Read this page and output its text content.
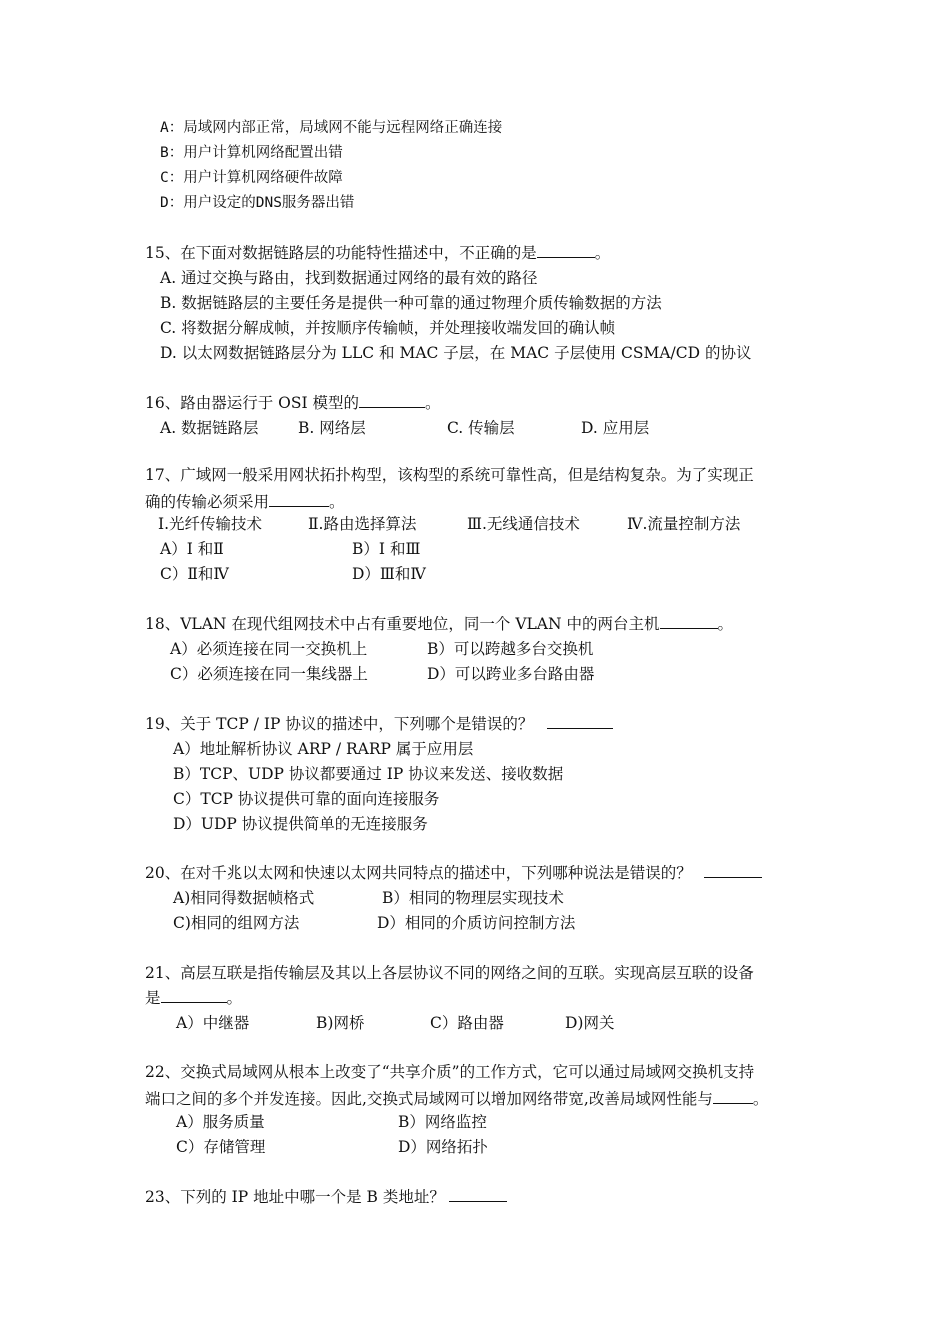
A：局域网内部正常，局域网不能与远程网络正确连接
B：用户计算机网络配置出错
C：用户计算机网络硬件故障
D：用户设定的DNS服务器出错
15、在下面对数据链路层的功能特性描述中，不正确的是	。
A. 通过交换与路由，找到数据通过网络的最有效的路径
B. 数据链路层的主要任务是提供一种可靠的通过物理介质传输数据的方法
C. 将数据分解成帧，并按顺序传输帧，并处理接收端发回的确认帧
D. 以太网数据链路层分为 LLC 和 MAC 子层，在 MAC 子层使用 CSMA/CD 的协议
16、路由器运行于 OSI 模型的	。
A. 数据链路层	B. 网络层	C. 传输层	D. 应用层
17、广域网一般采用网状拓扑构型，该构型的系统可靠性高，但是结构复杂。为了实现正
确的传输必须采用	。
I.光纤传输技术	Ⅱ.路由选择算法	Ⅲ.无线通信技术	Ⅳ.流量控制方法
A）I 和Ⅱ	B）I 和Ⅲ
C）Ⅱ和Ⅳ	D）Ⅲ和Ⅳ
18、VLAN 在现代组网技术中占有重要地位，同一个 VLAN 中的两台主机	。
A）必须连接在同一交换机上	B）可以跨越多台交换机
C）必须连接在同一集线器上	D）可以跨业多台路由器
19、关于 TCP / IP 协议的描述中，下列哪个是错误的？
A）地址解析协议 ARP / RARP 属于应用层
B）TCP、UDP 协议都要通过 IP 协议来发送、接收数据
C）TCP 协议提供可靠的面向连接服务
D）UDP 协议提供简单的无连接服务
20、在对千兆以太网和快速以太网共同特点的描述中，下列哪种说法是错误的？
A)相同得数据帧格式	B）相同的物理层实现技术
C)相同的组网方法	D）相同的介质访问控制方法
21、高层互联是指传输层及其以上各层协议不同的网络之间的互联。实现高层互联的设备
是	。
A）中继器	B)网桥	C）路由器	D)网关
22、交换式局域网从根本上改变了“共享介质”的工作方式，它可以通过局域网交换机支持
端口之间的多个并发连接。因此,交换式局域网可以增加网络带宽,改善局域网性能与	。
A）服务质量	B）网络监控
C）存储管理	D）网络拓扑
23、下列的 IP 地址中哪一个是 B 类地址？
